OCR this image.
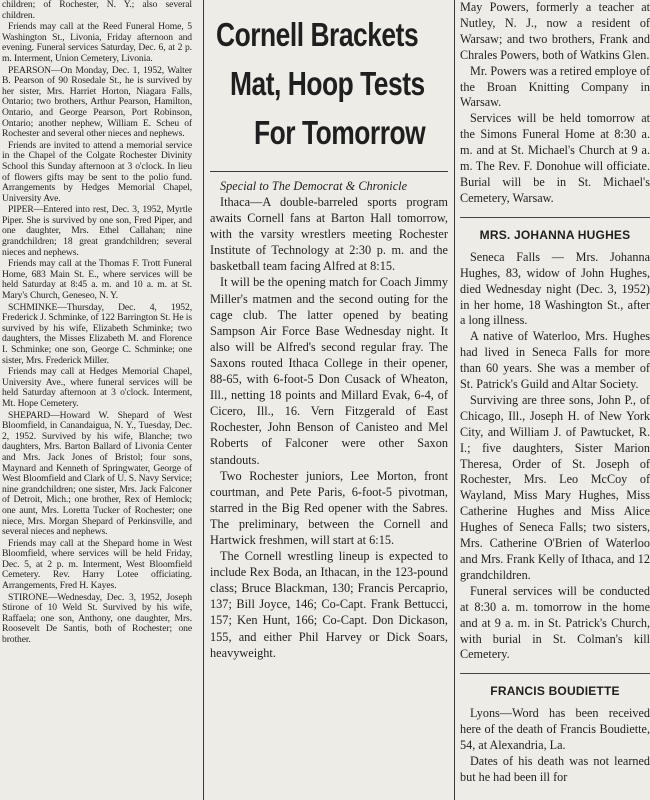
children; of Rochester, N. Y.; also several children.

Friends may call at the Reed Funeral Home, 5 Washington St., Livonia, Friday afternoon and evening. Funeral services Saturday, Dec. 6, at 2 p. m. Interment, Union Cemetery, Livonia.

PEARSON—On Monday, Dec. 1, 1952, Walter B. Pearson of 90 Rosedale St., he is survived by her sister, Mrs. Harriet Horton, Niagara Falls, Ontario; two brothers, Arthur Pearson, Hamilton, Ontario, and George Pearson, Port Robinson, Ontario; another nephew, William E. Scheu of Rochester and several other nieces and nephews.

Friends are invited to attend a memorial service in the Chapel of the Colgate Rochester Divinity School this Sunday afternoon at 3 o'clock. In lieu of flowers gifts may be sent to the polio fund. Arrangements by Hedges Memorial Chapel, University Ave.

PIPER—Entered into rest, Dec. 3, 1952, Myrtle Piper. She is survived by one son, Fred Piper, and one daughter, Mrs. Ethel Callahan; nine grandchildren; 18 great grandchildren; several nieces and nephews.

Friends may call at the Thomas F. Trott Funeral Home, 683 Main St. E., where services will be held Saturday at 8:45 a. m. and 10 a. m. at St. Mary's Church, Geneseo, N. Y.

SCHMINKE—Thursday, Dec. 4, 1952, Frederick J. Schminke, of 122 Barrington St. He is survived by his wife, Elizabeth Schminke; two daughters, the Misses Elizabeth M. and Florence I. Schminke; one son, George C. Schminke; one sister, Mrs. Frederick Miller.

Friends may call at Hedges Memorial Chapel, University Ave., where funeral services will be held Saturday afternoon at 3 o'clock. Interment, Mt. Hope Cemetery.

SHEPARD—Howard W. Shepard of West Bloomfield, in Canandaigua, N. Y., Tuesday, Dec. 2, 1952. Survived by his wife, Blanche; two daughters, Mrs. Barton Ballard of Livonia Center and Mrs. Jack Jones of Bristol; four sons, Maynard and Kenneth of Springwater, George of West Bloomfield and Clark of U. S. Navy Service; nine grandchildren; one sister, Mrs. Jack Falconer of Detroit, Mich.; one brother, Rex of Hemlock; one aunt, Mrs. Loretta Tucker of Rochester; one niece, Mrs. Morgan Shepard of Perkinsville, and several nieces and nephews.

Friends may call at the Shepard home in West Bloomfield, where services will be held Friday, Dec. 5, at 2 p. m. Interment, West Bloomfield Cemetery. Rev. Harry Lotee officiating. Arrangements, Fred H. Kayes.

STIRONE—Wednesday, Dec. 3, 1952, Joseph Stirone of 10 Weld St. Survived by his wife, Raffaela; one son, Anthony, one daughter, Mrs. Roosevelt De Santis, both of Rochester; one brother.

Cornell Brackets
Mat, Hoop Tests
For Tomorrow
Special to The Democrat & Chronicle

Ithaca—A double-barreled sports program awaits Cornell fans at Barton Hall tomorrow, with the varsity wrestlers meeting Rochester Institute of Technology at 2:30 p. m. and the basketball team facing Alfred at 8:15.

It will be the opening match for Coach Jimmy Miller's matmen and the second outing for the cage club. The latter opened by beating Sampson Air Force Base Wednesday night. It also will be Alfred's second regular fray. The Saxons routed Ithaca College in their opener, 88-65, with 6-foot-5 Don Cusack of Wheaton, Ill., netting 18 points and Millard Evak, 6-4, of Cicero, Ill., 16. Vern Fitzgerald of East Rochester, John Benson of Canisteo and Mel Roberts of Falconer were other Saxon standouts.

Two Rochester juniors, Lee Morton, front courtman, and Pete Paris, 6-foot-5 pivotman, starred in the Big Red opener with the Sabres. The preliminary, between the Cornell and Hartwick freshmen, will start at 6:15.

The Cornell wrestling lineup is expected to include Rex Boda, an Ithacan, in the 123-pound class; Bruce Blackman, 130; Francis Percaprio, 137; Bill Joyce, 146; Co-Capt. Frank Bettucci, 157; Ken Hunt, 166; Co-Capt. Don Dickason, 155, and either Phil Harvey or Dick Soars, heavyweight.

May Powers, formerly a teacher at Nutley, N. J., now a resident of Warsaw; and two brothers, Frank and Chrales Powers, both of Watkins Glen.

Mr. Powers was a retired employe of the Broan Knitting Company in Warsaw.

Services will be held tomorrow at the Simons Funeral Home at 8:30 a. m. and at St. Michael's Church at 9 a. m. The Rev. F. Donohue will officiate. Burial will be in St. Michael's Cemetery, Warsaw.

MRS. JOHANNA HUGHES

Seneca Falls — Mrs. Johanna Hughes, 83, widow of John Hughes, died Wednesday night (Dec. 3, 1952) in her home, 18 Washington St., after a long illness.

A native of Waterloo, Mrs. Hughes had lived in Seneca Falls for more than 60 years. She was a member of St. Patrick's Guild and Altar Society.

Surviving are three sons, John P., of Chicago, Ill., Joseph H. of New York City, and William J. of Pawtucket, R. I.; five daughters, Sister Marion Theresa, Order of St. Joseph of Rochester, Mrs. Leo McCoy of Wayland, Miss Mary Hughes, Miss Catherine Hughes and Miss Alice Hughes of Seneca Falls; two sisters, Mrs. Catherine O'Brien of Waterloo and Mrs. Frank Kelly of Ithaca, and 12 grandchildren.

Funeral services will be conducted at 8:30 a. m. tomorrow in the home and at 9 a. m. in St. Patrick's Church, with burial in St. Colman's kill Cemetery.

FRANCIS BOUDIETTE

Lyons—Word has been received here of the death of Francis Boudiette, 54, at Alexandria, La.

Dates of his death was not learned but he had been ill for
